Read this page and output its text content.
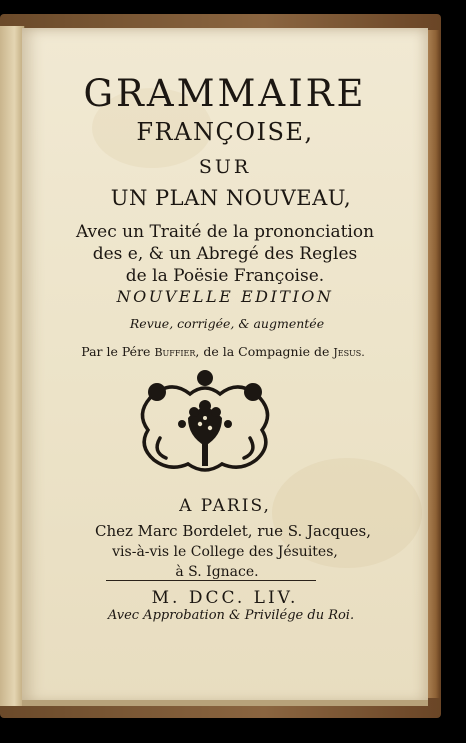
GRAMMAIRE
FRANÇOISE,
SUR
UN PLAN NOUVEAU,
Avec un Traité de la prononciation
des e, & un Abregé des Regles
de la Poësie Françoise.
NOUVELLE EDITION
Revue, corrigée, & augmentée
Par le Pére Buffier, de la Compagnie de Jesus.
A PARIS,
Chez Marc Bordelet, rue S. Jacques,
vis-à-vis le College des Jésuites,
à S. Ignace.
M. DCC. LIV.
Avec Approbation & Privilége du Roi.
